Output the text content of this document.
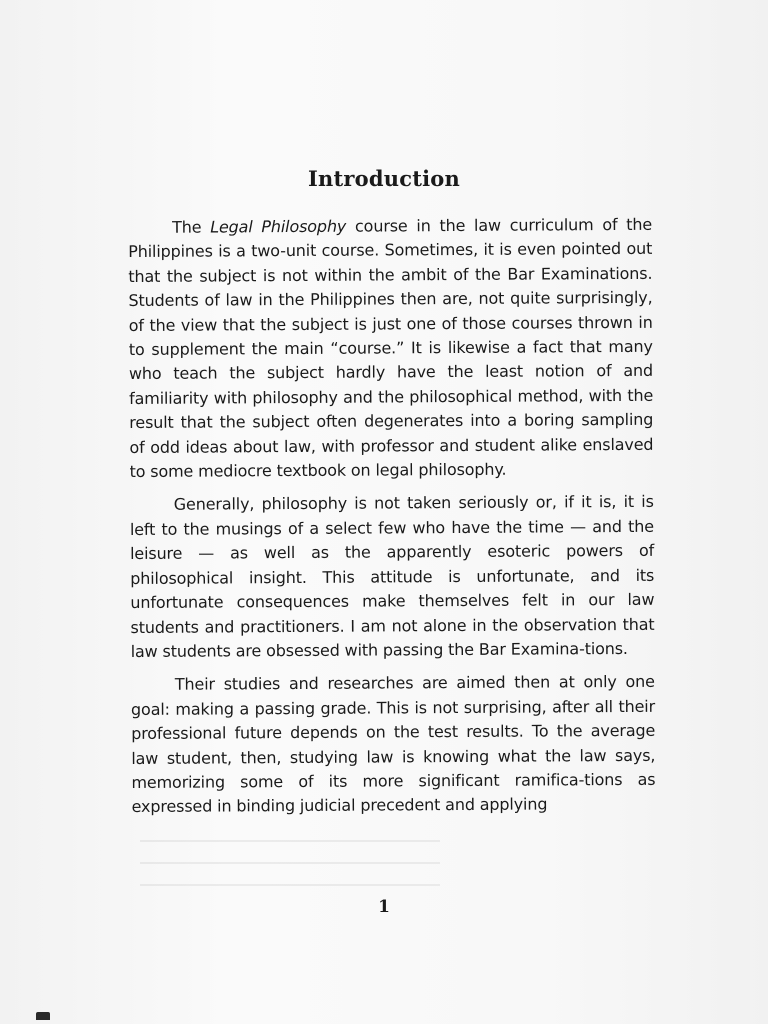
Introduction

The Legal Philosophy course in the law curriculum of the Philippines is a two-unit course. Sometimes, it is even pointed out that the subject is not within the ambit of the Bar Examinations. Students of law in the Philippines then are, not quite surprisingly, of the view that the subject is just one of those courses thrown in to supplement the main “course.” It is likewise a fact that many who teach the subject hardly have the least notion of and familiarity with philosophy and the philosophical method, with the result that the subject often degenerates into a boring sampling of odd ideas about law, with professor and student alike enslaved to some mediocre textbook on legal philosophy.

Generally, philosophy is not taken seriously or, if it is, it is left to the musings of a select few who have the time — and the leisure — as well as the apparently esoteric powers of philosophical insight. This attitude is unfortunate, and its unfortunate consequences make themselves felt in our law students and practitioners. I am not alone in the observation that law students are obsessed with passing the Bar Examina-tions.

Their studies and researches are aimed then at only one goal: making a passing grade. This is not surprising, after all their professional future depends on the test results. To the average law student, then, studying law is knowing what the law says, memorizing some of its more significant ramifica-tions as expressed in binding judicial precedent and applying

1
